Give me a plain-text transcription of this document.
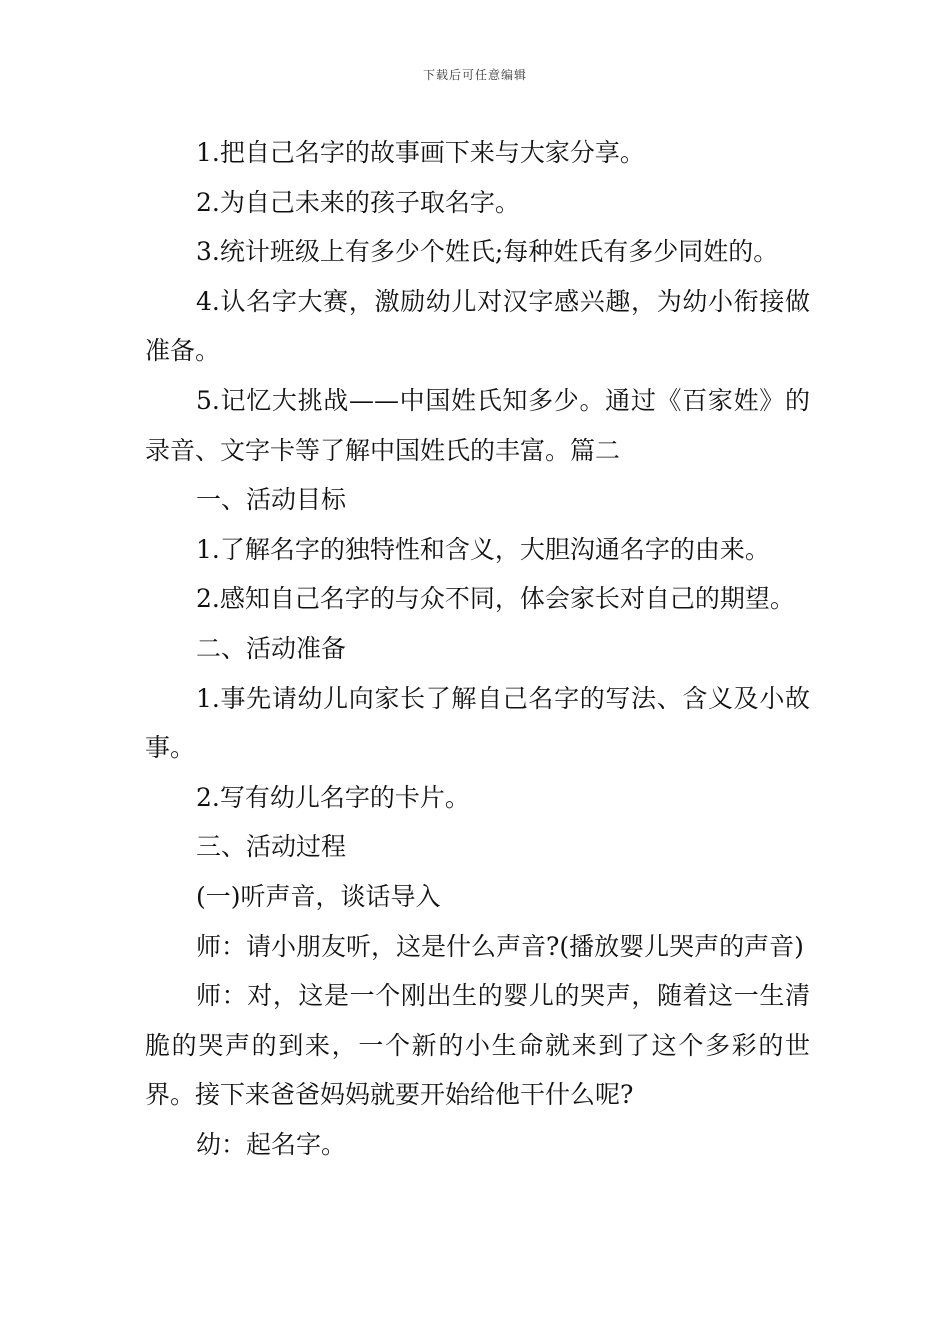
下载后可任意编辑

1.把自己名字的故事画下来与大家分享。

2.为自己未来的孩子取名字。

3.统计班级上有多少个姓氏;每种姓氏有多少同姓的。

4.认名字大赛，激励幼儿对汉字感兴趣，为幼小衔接做准备。

5.记忆大挑战——中国姓氏知多少。通过《百家姓》的录音、文字卡等了解中国姓氏的丰富。篇二

一、活动目标

1.了解名字的独特性和含义，大胆沟通名字的由来。

2.感知自己名字的与众不同，体会家长对自己的期望。

二、活动准备

1.事先请幼儿向家长了解自己名字的写法、含义及小故事。

2.写有幼儿名字的卡片。

三、活动过程

(一)听声音，谈话导入

师：请小朋友听，这是什么声音?(播放婴儿哭声的声音)

师：对，这是一个刚出生的婴儿的哭声，随着这一生清脆的哭声的到来，一个新的小生命就来到了这个多彩的世界。接下来爸爸妈妈就要开始给他干什么呢?

幼：起名字。
